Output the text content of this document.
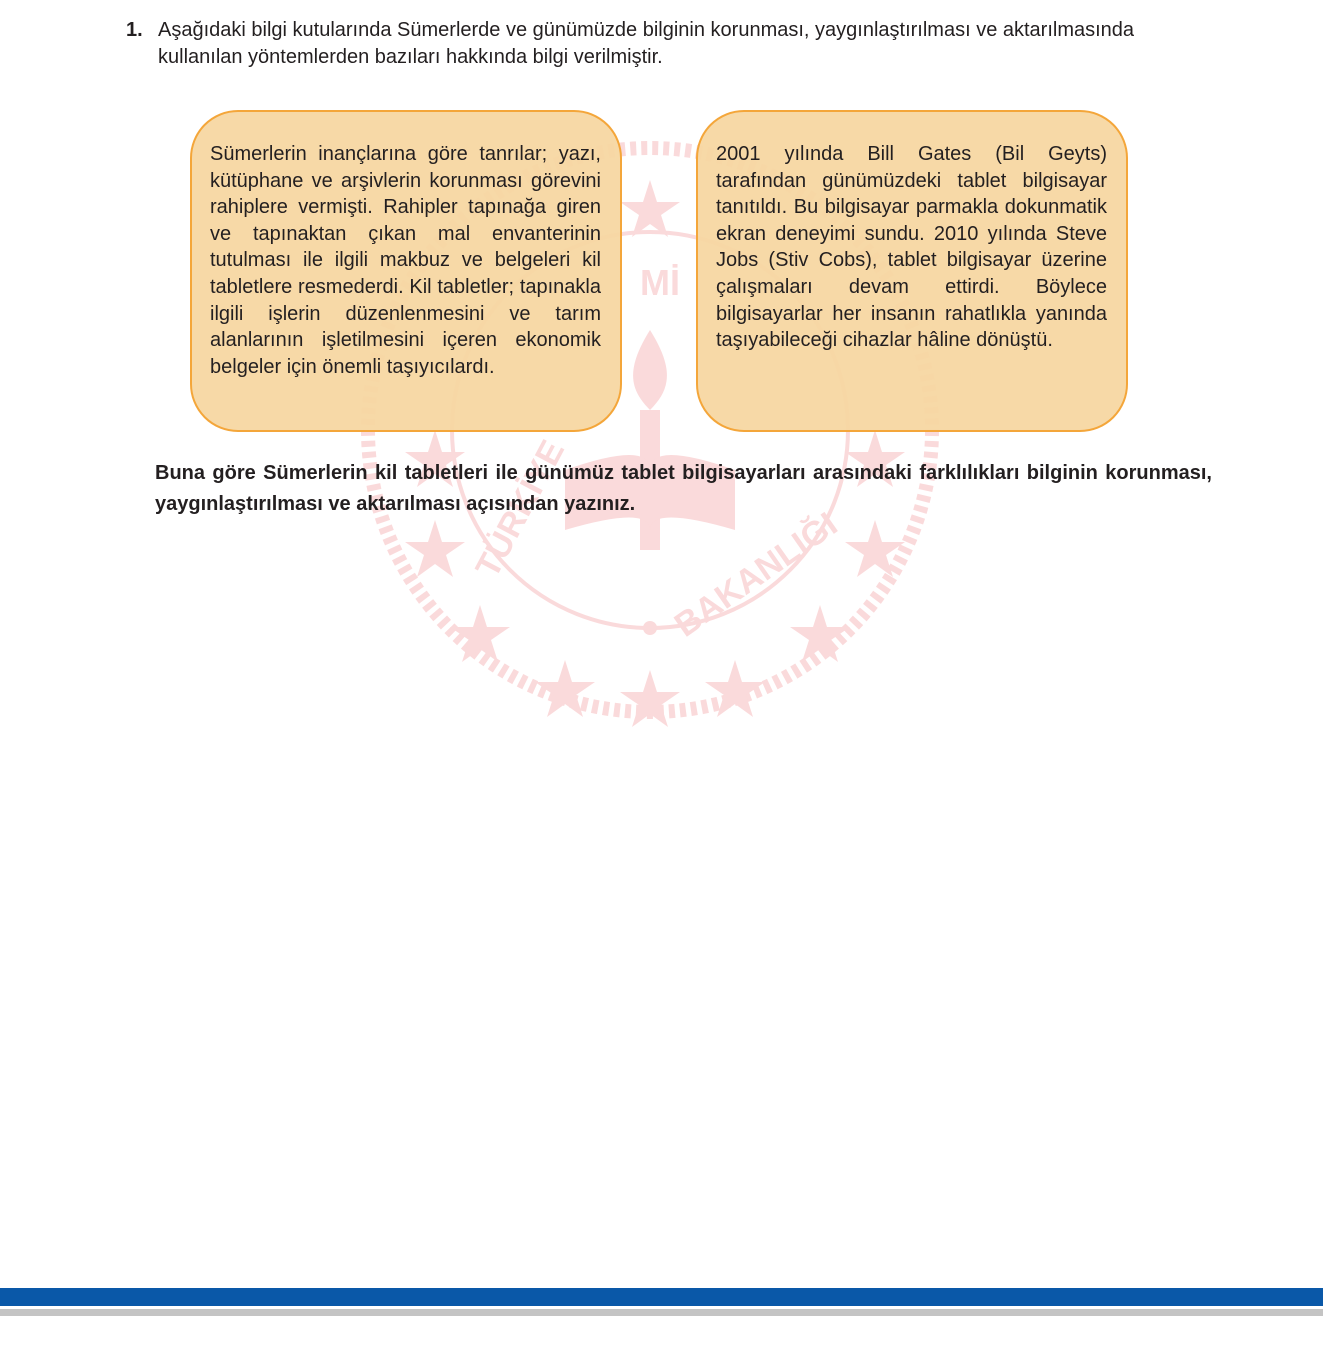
Mİ
TÜRKİYE	BAKANLIĞI
1. Aşağıdaki bilgi kutularında Sümerlerde ve günümüzde bilginin korunması, yaygınlaştırılması ve aktarılmasında kullanılan yöntemlerden bazıları hakkında bilgi verilmiştir.
Sümerlerin inançlarına göre tanrılar; yazı, kütüphane ve arşivlerin korunması görevini rahiplere vermişti. Rahipler tapınağa giren ve tapınaktan çıkan mal envanterinin tutulması ile ilgili makbuz ve belgeleri kil tabletlere resmederdi. Kil tabletler; tapınakla ilgili işlerin düzenlenmesini ve tarım alanlarının işletilmesini içeren ekonomik belgeler için önemli taşıyıcılardı.
2001 yılında Bill Gates (Bil Geyts) tarafından günümüzdeki tablet bilgisayar tanıtıldı. Bu bilgisayar parmakla dokunmatik ekran deneyimi sundu. 2010 yılında Steve Jobs (Stiv Cobs), tablet bilgisayar üzerine çalışmaları devam ettirdi. Böylece bilgisayarlar her insanın rahatlıkla yanında taşıyabileceği cihazlar hâline dönüştü.
Buna göre Sümerlerin kil tabletleri ile günümüz tablet bilgisayarları arasındaki farklılıkları bilginin korunması, yaygınlaştırılması ve aktarılması açısından yazınız.
